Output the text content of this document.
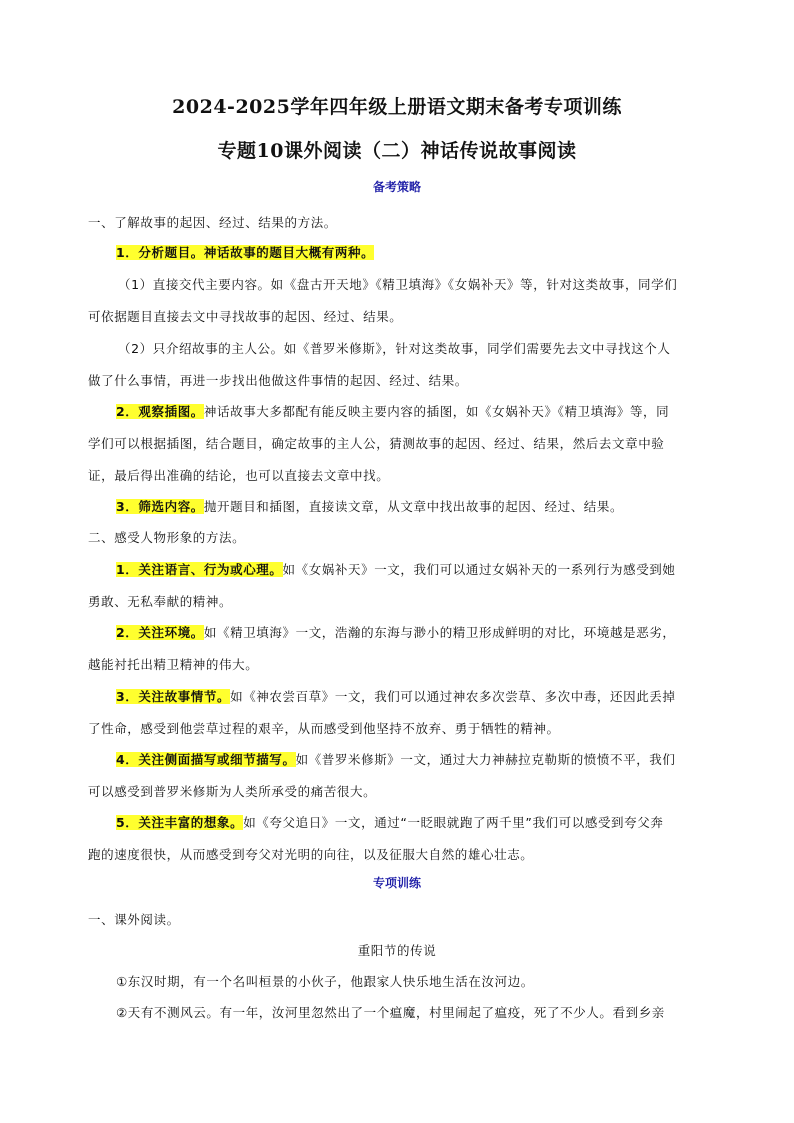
2024-2025学年四年级上册语文期末备考专项训练
专题10课外阅读（二）神话传说故事阅读
备考策略
一、了解故事的起因、经过、结果的方法。
1．分析题目。神话故事的题目大概有两种。
（1）直接交代主要内容。如《盘古开天地》《精卫填海》《女娲补天》等，针对这类故事，同学们
可依据题目直接去文中寻找故事的起因、经过、结果。
（2）只介绍故事的主人公。如《普罗米修斯》，针对这类故事，同学们需要先去文中寻找这个人
做了什么事情，再进一步找出他做这件事情的起因、经过、结果。
2．观察插图。神话故事大多都配有能反映主要内容的插图，如《女娲补天》《精卫填海》等，同
学们可以根据插图，结合题目，确定故事的主人公，猜测故事的起因、经过、结果，然后去文章中验
证，最后得出准确的结论，也可以直接去文章中找。
3．筛选内容。抛开题目和插图，直接读文章，从文章中找出故事的起因、经过、结果。
二、感受人物形象的方法。
1．关注语言、行为或心理。如《女娲补天》一文，我们可以通过女娲补天的一系列行为感受到她
勇敢、无私奉献的精神。
2．关注环境。如《精卫填海》一文，浩瀚的东海与渺小的精卫形成鲜明的对比，环境越是恶劣，
越能衬托出精卫精神的伟大。
3．关注故事情节。如《神农尝百草》一文，我们可以通过神农多次尝草、多次中毒，还因此丢掉
了性命，感受到他尝草过程的艰辛，从而感受到他坚持不放弃、勇于牺牲的精神。
4．关注侧面描写或细节描写。如《普罗米修斯》一文，通过大力神赫拉克勒斯的愤愤不平，我们
可以感受到普罗米修斯为人类所承受的痛苦很大。
5．关注丰富的想象。如《夸父追日》一文，通过“一眨眼就跑了两千里”我们可以感受到夸父奔
跑的速度很快，从而感受到夸父对光明的向往，以及征服大自然的雄心壮志。
专项训练
一、课外阅读。
重阳节的传说
①东汉时期，有一个名叫桓景的小伙子，他跟家人快乐地生活在汝河边。
②天有不测风云。有一年，汝河里忽然出了一个瘟魔，村里闹起了瘟疫，死了不少人。看到乡亲
